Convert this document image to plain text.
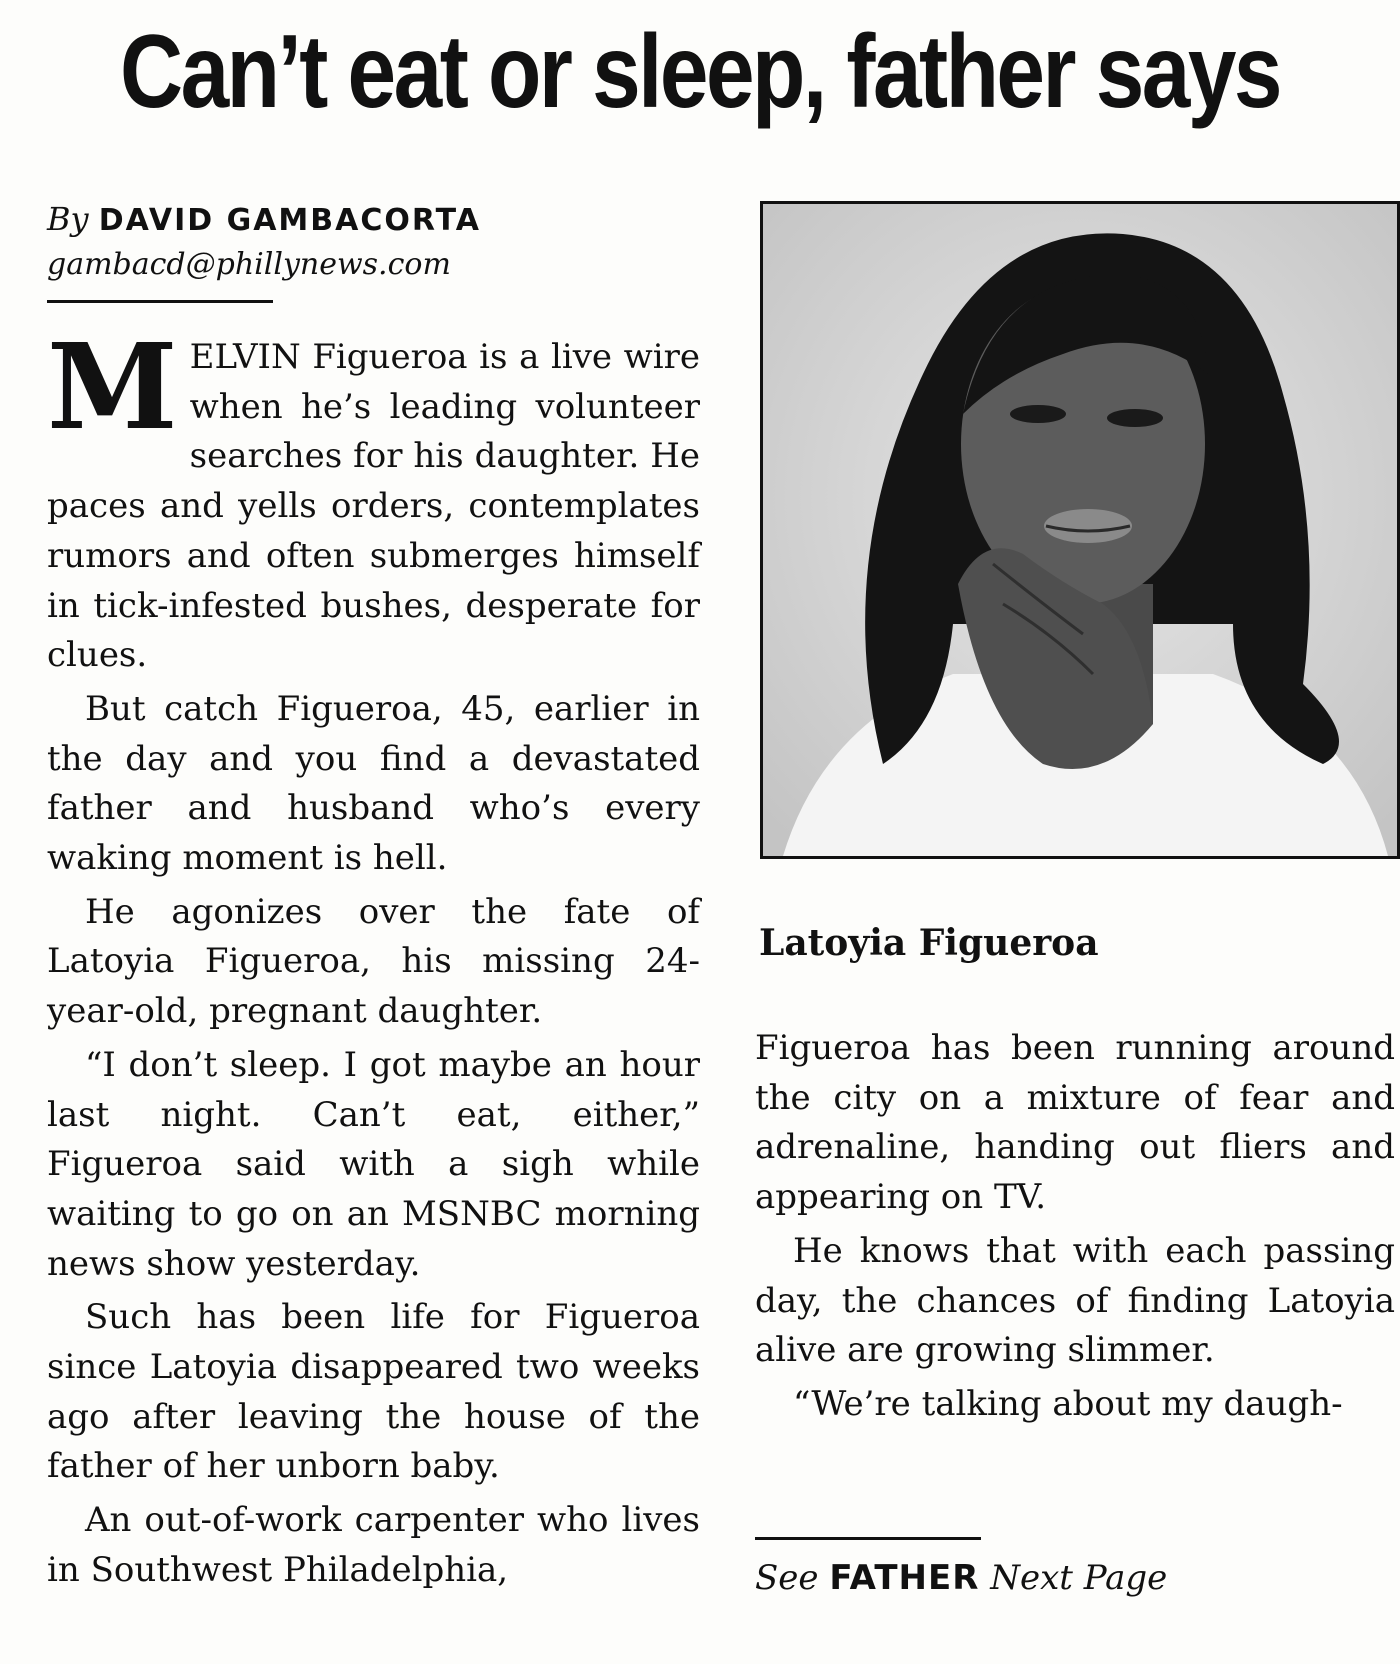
Can’t eat or sleep, father says
By DAVID GAMBACORTA
gambacd@phillynews.com

MELVIN Figueroa is a live wire when he’s leading volunteer searches for his daughter. He paces and yells orders, contemplates rumors and often submerges himself in tick-infested bushes, desperate for clues.

But catch Figueroa, 45, earlier in the day and you find a devastated father and husband who’s every waking moment is hell.

He agonizes over the fate of Latoyia Figueroa, his missing 24-year-old, pregnant daughter.

“I don’t sleep. I got maybe an hour last night. Can’t eat, either,” Figueroa said with a sigh while waiting to go on an MSNBC morning news show yesterday.

Such has been life for Figueroa since Latoyia disappeared two weeks ago after leaving the house of the father of her unborn baby.

An out-of-work carpenter who lives in Southwest Philadelphia,

Latoyia Figueroa

Figueroa has been running around the city on a mixture of fear and adrenaline, handing out fliers and appearing on TV.

He knows that with each passing day, the chances of finding Latoyia alive are growing slimmer.

“We’re talking about my daugh-

See FATHER Next Page
